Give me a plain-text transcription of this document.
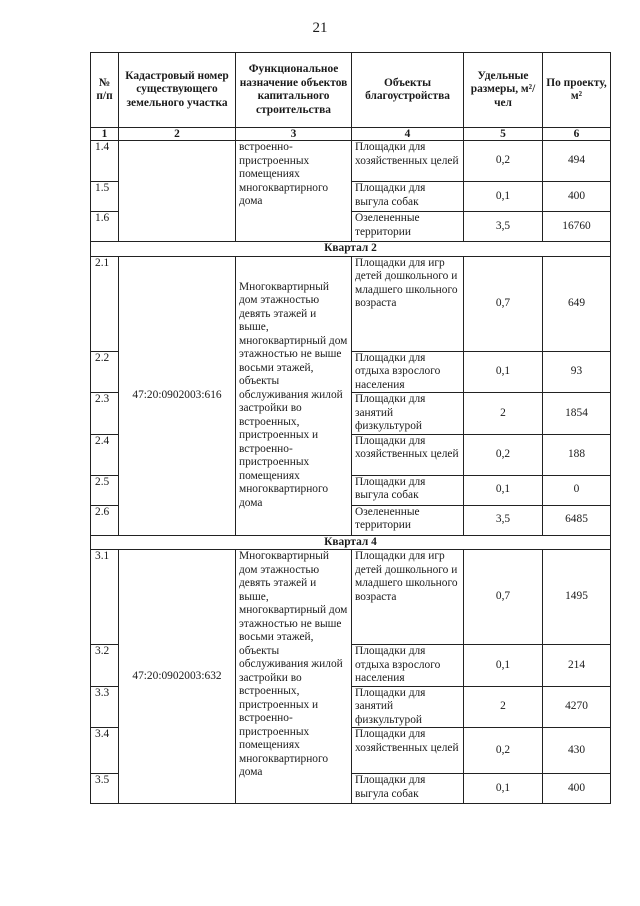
21
№ п/п	Кадастровый номер существующего земельного участка	Функциональное назначение объектов капитального строительства	Объекты благоустройства	Удельные размеры, м²/чел	По проекту, м²
1	2	3	4	5	6
1.4		встроенно-пристроенных помещениях многоквартирного дома	Площадки для хозяйственных целей	0,2	494
1.5			Площадки для выгула собак	0,1	400
1.6			Озелененные территории	3,5	16760
Квартал 2					
2.1	47:20:0902003:616	Многоквартирный дом этажностью девять этажей и выше, многоквартирный дом этажностью не выше восьми этажей, объекты обслуживания жилой застройки во встроенных, пристроенных и встроенно-пристроенных помещениях многоквартирного дома	Площадки для игр детей дошкольного и младшего школьного возраста	0,7	649
2.2			Площадки для отдыха взрослого населения	0,1	93
2.3			Площадки для занятий физкультурой	2	1854
2.4			Площадки для хозяйственных целей	0,2	188
2.5			Площадки для выгула собак	0,1	0
2.6			Озелененные территории	3,5	6485
Квартал 4					
3.1	47:20:0902003:632	Многоквартирный дом этажностью девять этажей и выше, многоквартирный дом этажностью не выше восьми этажей, объекты обслуживания жилой застройки во встроенных, пристроенных и встроенно-пристроенных помещениях многоквартирного дома	Площадки для игр детей дошкольного и младшего школьного возраста	0,7	1495
3.2			Площадки для отдыха взрослого населения	0,1	214
3.3			Площадки для занятий физкультурой	2	4270
3.4			Площадки для хозяйственных целей	0,2	430
3.5			Площадки для выгула собак	0,1	400
